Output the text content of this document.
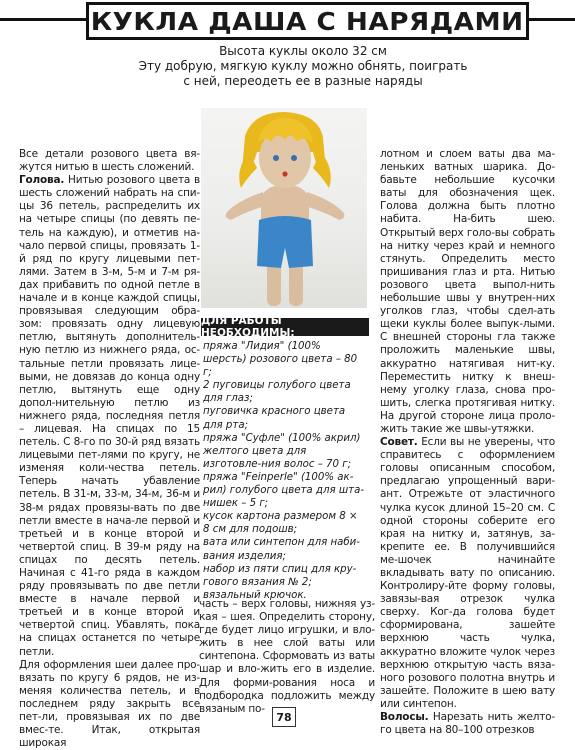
КУКЛА ДАША С НАРЯДАМИ
Высота куклы около 32 см
Эту добрую, мягкую куклу можно обнять, поиграть
с ней, переодеть ее в разные наряды
ДЛЯ РАБОТЫ НЕОБХОДИМЫ:
пряжа "Лидия" (100% шерсть) розового цвета – 80 г;
2 пуговицы голубого цвета для глаз;
пуговичка красного цвета для рта;
пряжа "Суфле" (100% акрил) желтого цвета для изготовле-ния волос – 70 г;
пряжа "Feinperle" (100% ак-рил) голубого цвета для шта-нишек – 5 г;
кусок картона размером 8 × 8 см для подошв;
вата или синтепон для наби-вания изделия;
набор из пяти спиц для кру-гового вязания № 2;
вязальный крючок.

Все детали розового цвета вя-жутся нитью в шесть сложений.

Голова. Нитью розового цвета в шесть сложений набрать на спи-цы 36 петель, распределить их на четыре спицы (по девять пе-тель на каждую), и отметив на-чало первой спицы, провязать 1-й ряд по кругу лицевыми пет-лями. Затем в 3-м, 5-м и 7-м ря-дах прибавить по одной петле в начале и в конце каждой спицы, провязывая следующим обра-зом: провязать одну лицевую петлю, вытянуть дополнитель-ную петлю из нижнего ряда, ос-тальные петли провязать лице-выми, не довязав до конца одну петлю, вытянуть еще одну допол-нительную петлю из нижнего ряда, последняя петля – лицевая. На спицах по 15 петель. С 8-го по 30-й ряд вязать лицевыми пет-лями по кругу, не изменяя коли-чества петель. Теперь начать убавление петель. В 31-м, 33-м, 34-м, 36-м и 38-м рядах провязы-вать по две петли вместе в нача-ле первой и третьей и в конце второй и четвертой спиц. В 39-м ряду на спицах по десять петель. Начиная с 41-го ряда в каждом ряду провязывать по две петли вместе в начале первой и третьей и в конце второй и четвертой спиц. Убавлять, пока на спицах останется по четыре петли.

Для оформления шеи далее про-вязать по кругу 6 рядов, не из-меняя количества петель, и в последнем ряду закрыть все пет-ли, провязывая их по две вмес-те. Итак, открытая широкая

часть – верх головы, нижняя уз-кая – шея. Определить сторону, где будет лицо игрушки, и вло-жить в нее слой ваты или синтепона. Сформовать из ваты шар и вло-жить его в изделие. Для форми-рования носа и подбородка подложить между вязаным по-

лотном и слоем ваты два ма-леньких ватных шарика. До-бавьте небольшие кусочки ваты для обозначения щек. Голова должна быть плотно набита. На-бить шею. Открытый верх голо-вы собрать на нитку через край и немного стянуть. Определить место пришивания глаз и рта. Нитью розового цвета выпол-нить небольшие швы у внутрен-них уголков глаз, чтобы сдел-ать щеки куклы более выпук-лыми. С внешней стороны гла также проложить маленькие швы, аккуратно натягивая нит-ку. Переместить нитку к внеш-нему уголку глаза, снова про-шить, слегка протягивая нитку. На другой стороне лица проло-жить такие же швы-утяжки.

Совет. Если вы не уверены, что справитесь с оформлением головы описанным способом, предлагаю упрощенный вари-ант. Отрежьте от эластичного чулка кусок длиной 15–20 см. С одной стороны соберите его края на нитку и, затянув, за-крепите ее. В получившийся ме-шочек начинайте вкладывать вату по описанию. Контролиру-йте форму головы, завязы-вая отрезок чулка сверху. Ког-да голова будет сформирована, зашейте верхнюю часть чулка, аккуратно вложите чулок через верхнюю открытую часть вяза-ного розового полотна внутрь и зашейте. Положите в шею вату или синтепон.

Волосы. Нарезать нить желто-го цвета на 80–100 отрезков

78
